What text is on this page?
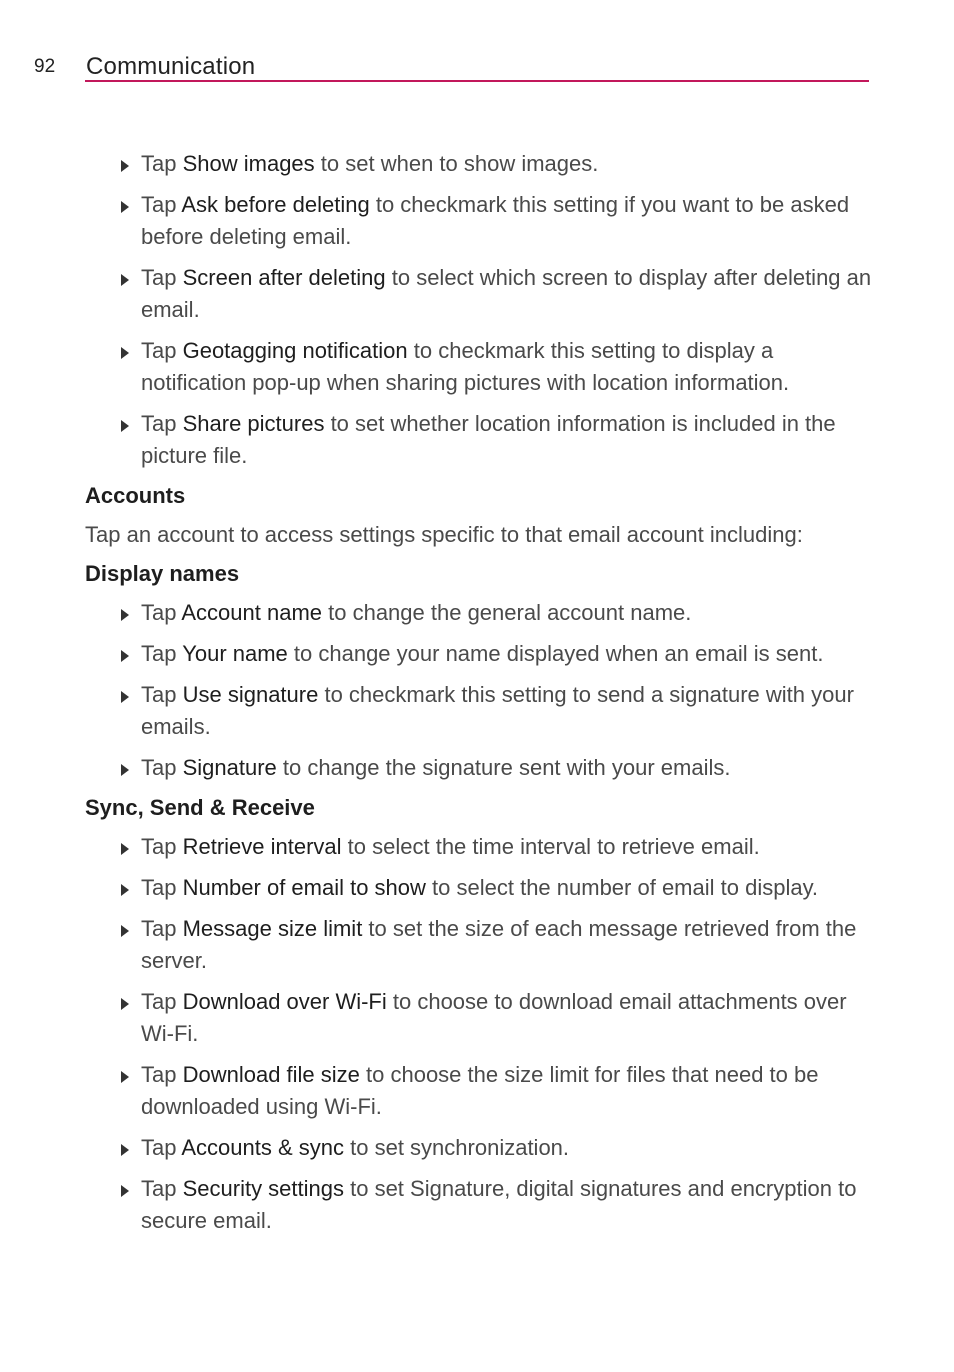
92 Communication
Tap Show images to set when to show images.
Tap Ask before deleting to checkmark this setting if you want to be asked before deleting email.
Tap Screen after deleting to select which screen to display after deleting an email.
Tap Geotagging notification to checkmark this setting to display a notification pop-up when sharing pictures with location information.
Tap Share pictures to set whether location information is included in the picture file.
Accounts

Tap an account to access settings specific to that email account including:

Display names
Tap Account name to change the general account name.
Tap Your name to change your name displayed when an email is sent.
Tap Use signature to checkmark this setting to send a signature with your emails.
Tap Signature to change the signature sent with your emails.
Sync, Send & Receive
Tap Retrieve interval to select the time interval to retrieve email.
Tap Number of email to show to select the number of email to display.
Tap Message size limit to set the size of each message retrieved from the server.
Tap Download over Wi-Fi to choose to download email attachments over Wi-Fi.
Tap Download file size to choose the size limit for files that need to be downloaded using Wi-Fi.
Tap Accounts & sync to set synchronization.
Tap Security settings to set Signature, digital signatures and encryption to secure email.
